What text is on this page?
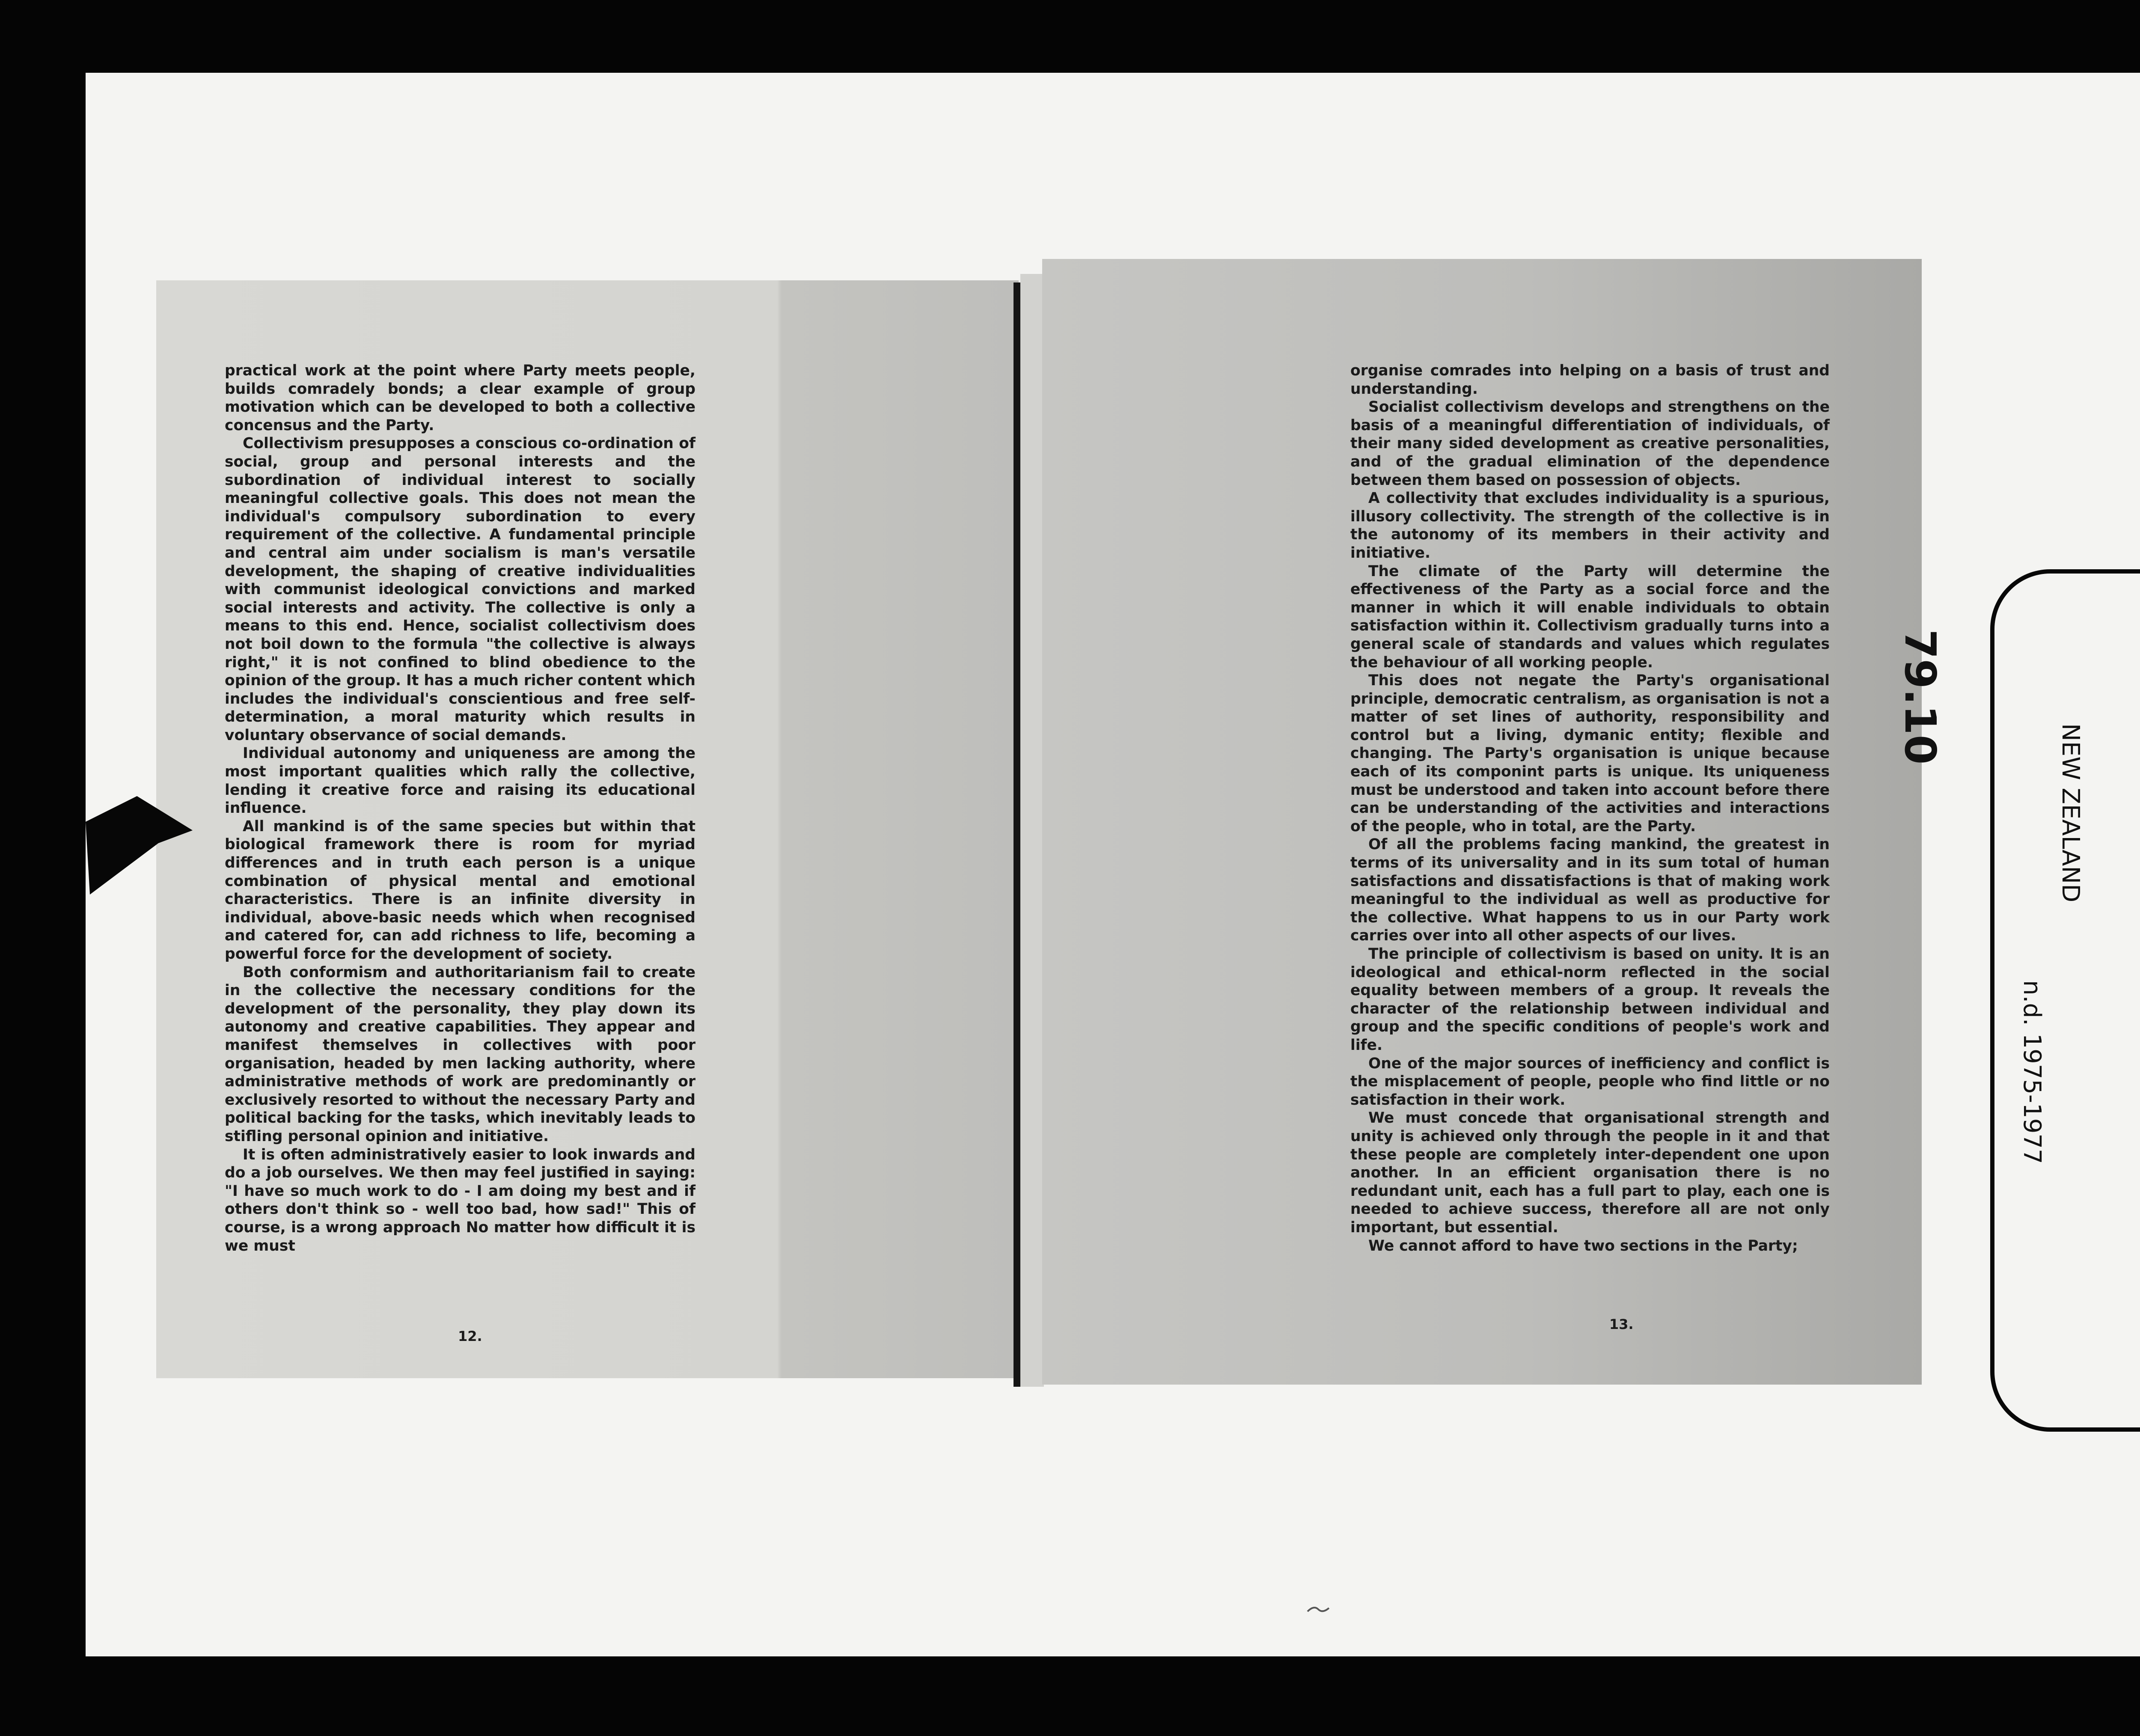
practical work at the point where Party meets people, builds comradely bonds; a clear example of group motivation which can be developed to both a collective concensus and the Party.

Collectivism presupposes a conscious co-ordination of social, group and personal interests and the subordination of individual interest to socially meaningful collective goals. This does not mean the individual's compulsory subordination to every requirement of the collective. A fundamental principle and central aim under socialism is man's versatile development, the shaping of creative individualities with communist ideological convictions and marked social interests and activity. The collective is only a means to this end. Hence, socialist collectivism does not boil down to the formula "the collective is always right," it is not confined to blind obedience to the opinion of the group. It has a much richer content which includes the individual's conscientious and free self-determination, a moral maturity which results in voluntary observance of social demands.

Individual autonomy and uniqueness are among the most important qualities which rally the collective, lending it creative force and raising its educational influence.

All mankind is of the same species but within that biological framework there is room for myriad differences and in truth each person is a unique combination of physical mental and emotional characteristics. There is an infinite diversity in individual, above-basic needs which when recognised and catered for, can add richness to life, becoming a powerful force for the development of society.

Both conformism and authoritarianism fail to create in the collective the necessary conditions for the development of the personality, they play down its autonomy and creative capabilities. They appear and manifest themselves in collectives with poor organisation, headed by men lacking authority, where administrative methods of work are predominantly or exclusively resorted to without the necessary Party and political backing for the tasks, which inevitably leads to stifling personal opinion and initiative.

It is often administratively easier to look inwards and do a job ourselves. We then may feel justified in saying: "I have so much work to do - I am doing my best and if others don't think so - well too bad, how sad!" This of course, is a wrong approach No matter how difficult it is we must

12.

organise comrades into helping on a basis of trust and understanding.

Socialist collectivism develops and strengthens on the basis of a meaningful differentiation of individuals, of their many sided development as creative personalities, and of the gradual elimination of the dependence between them based on possession of objects.

A collectivity that excludes individuality is a spurious, illusory collectivity. The strength of the collective is in the autonomy of its members in their activity and initiative.

The climate of the Party will determine the effectiveness of the Party as a social force and the manner in which it will enable individuals to obtain satisfaction within it. Collectivism gradually turns into a general scale of standards and values which regulates the behaviour of all working people.

This does not negate the Party's organisational principle, democratic centralism, as organisation is not a matter of set lines of authority, responsibility and control but a living, dymanic entity; flexible and changing. The Party's organisation is unique because each of its componint parts is unique. Its uniqueness must be understood and taken into account before there can be understanding of the activities and interactions of the people, who in total, are the Party.

Of all the problems facing mankind, the greatest in terms of its universality and in its sum total of human satisfactions and dissatisfactions is that of making work meaningful to the individual as well as productive for the collective. What happens to us in our Party work carries over into all other aspects of our lives.

The principle of collectivism is based on unity. It is an ideological and ethical-norm reflected in the social equality between members of a group. It reveals the character of the relationship between individual and group and the specific conditions of people's work and life.

One of the major sources of inefficiency and conflict is the misplacement of people, people who find little or no satisfaction in their work.

We must concede that organisational strength and unity is achieved only through the people in it and that these people are completely inter-dependent one upon another. In an efficient organisation there is no redundant unit, each has a full part to play, each one is needed to achieve success, therefore all are not only important, but essential.

We cannot afford to have two sections in the Party;

13.
79.10
NEW ZEALAND
n.d. 1975-1977
